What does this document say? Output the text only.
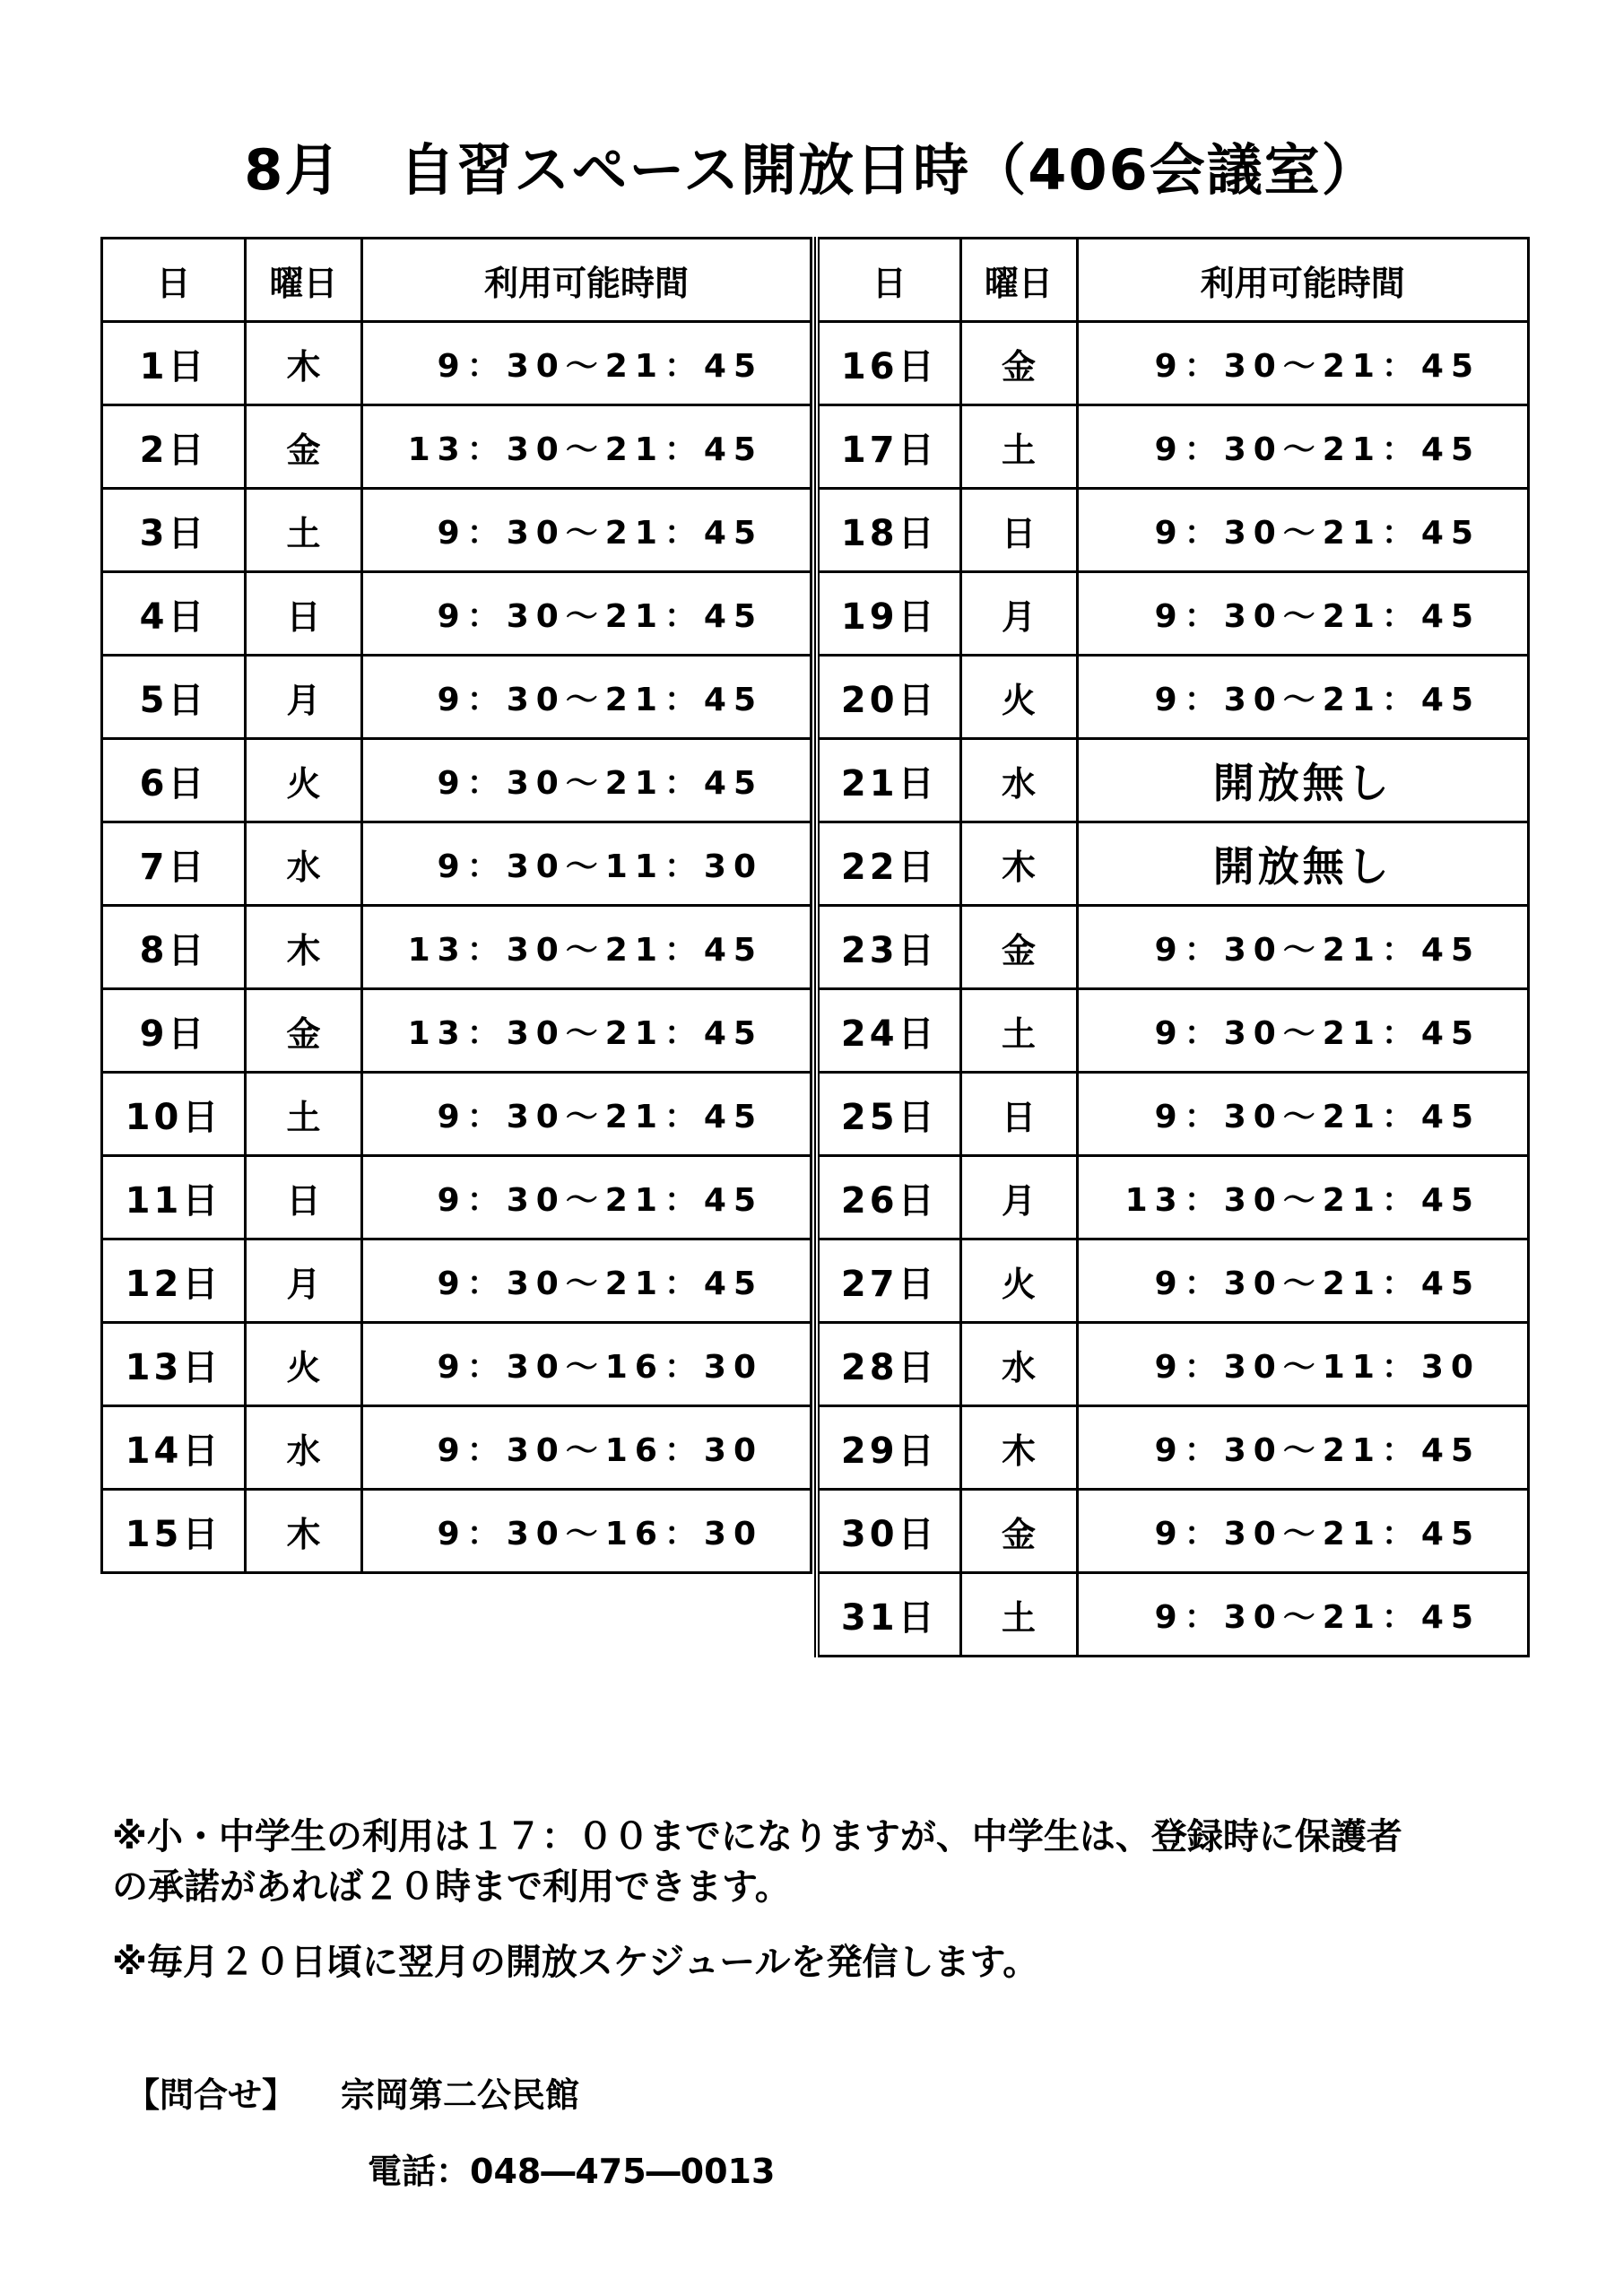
8月　自習スペース開放日時（406会議室）
日	曜日	利用可能時間
1日	木	9：30～21：45
2日	金	13：30～21：45
3日	土	9：30～21：45
4日	日	9：30～21：45
5日	月	9：30～21：45
6日	火	9：30～21：45
7日	水	9：30～11：30
8日	木	13：30～21：45
9日	金	13：30～21：45
10日	土	9：30～21：45
11日	日	9：30～21：45
12日	月	9：30～21：45
13日	火	9：30～16：30
14日	水	9：30～16：30
15日	木	9：30～16：30
日	曜日	利用可能時間
16日	金	9：30～21：45
17日	土	9：30～21：45
18日	日	9：30～21：45
19日	月	9：30～21：45
20日	火	9：30～21：45
21日	水	開放無し
22日	木	開放無し
23日	金	9：30～21：45
24日	土	9：30～21：45
25日	日	9：30～21：45
26日	月	13：30～21：45
27日	火	9：30～21：45
28日	水	9：30～11：30
29日	木	9：30～21：45
30日	金	9：30～21：45
31日	土	9：30～21：45
※小・中学生の利用は１７：００までになりますが、中学生は、登録時に保護者
の承諾があれば２０時まで利用できます。
※毎月２０日頃に翌月の開放スケジュールを発信します。
【問合せ】 宗岡第二公民館
電話：048―475―0013
